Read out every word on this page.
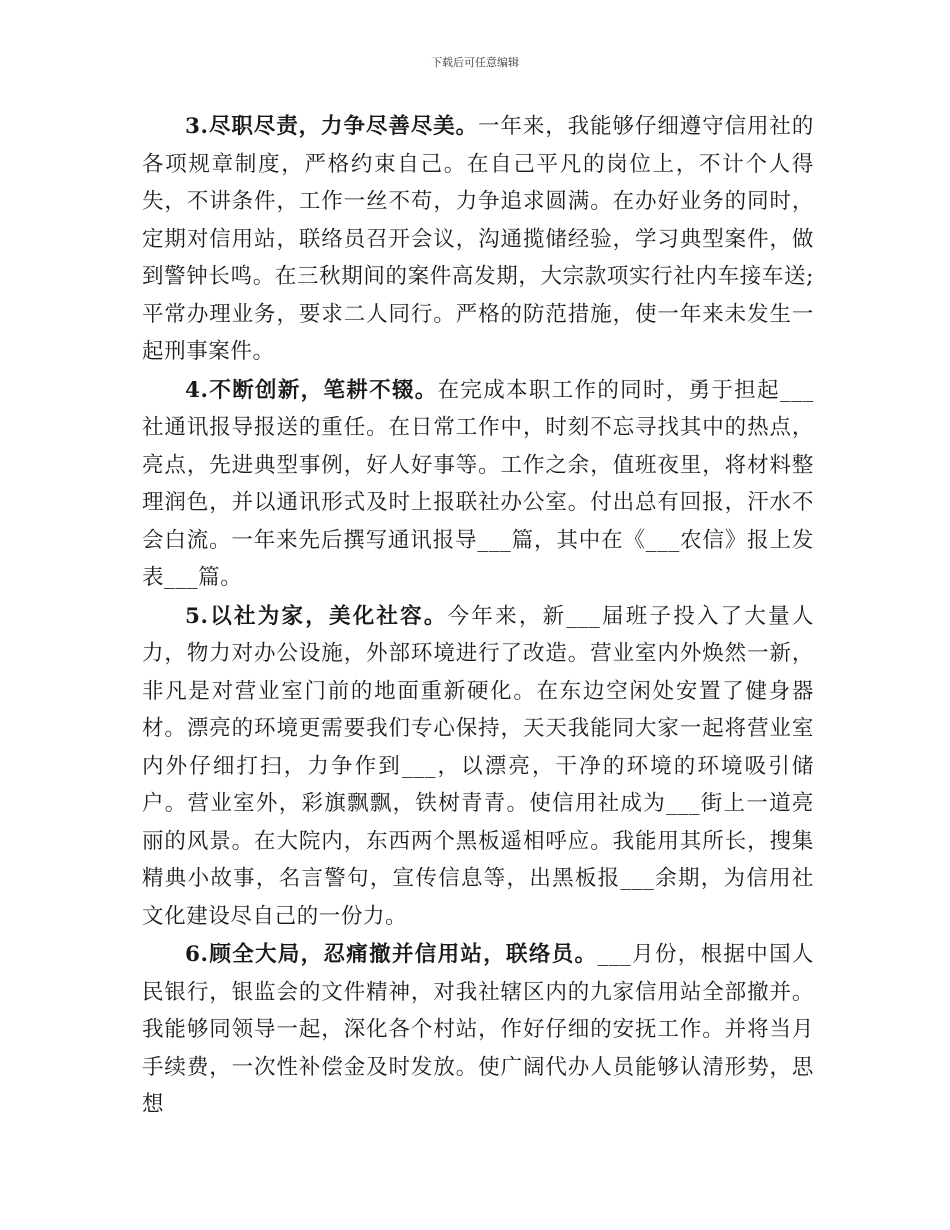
下载后可任意编辑

3.尽职尽责，力争尽善尽美。一年来，我能够仔细遵守信用社的各项规章制度，严格约束自己。在自己平凡的岗位上，不计个人得失，不讲条件，工作一丝不苟，力争追求圆满。在办好业务的同时，定期对信用站，联络员召开会议，沟通揽储经验，学习典型案件，做到警钟长鸣。在三秋期间的案件高发期，大宗款项实行社内车接车送;平常办理业务，要求二人同行。严格的防范措施，使一年来未发生一起刑事案件。

4.不断创新，笔耕不辍。在完成本职工作的同时，勇于担起___社通讯报导报送的重任。在日常工作中，时刻不忘寻找其中的热点，亮点，先进典型事例，好人好事等。工作之余，值班夜里，将材料整理润色，并以通讯形式及时上报联社办公室。付出总有回报，汗水不会白流。一年来先后撰写通讯报导___篇，其中在《___农信》报上发表___篇。

5.以社为家，美化社容。今年来，新___届班子投入了大量人力，物力对办公设施，外部环境进行了改造。营业室内外焕然一新，非凡是对营业室门前的地面重新硬化。在东边空闲处安置了健身器材。漂亮的环境更需要我们专心保持，天天我能同大家一起将营业室内外仔细打扫，力争作到___，以漂亮，干净的环境的环境吸引储户。营业室外，彩旗飘飘，铁树青青。使信用社成为___街上一道亮丽的风景。在大院内，东西两个黑板遥相呼应。我能用其所长，搜集精典小故事，名言警句，宣传信息等，出黑板报___余期，为信用社文化建设尽自己的一份力。

6.顾全大局，忍痛撤并信用站，联络员。___月份，根据中国人民银行，银监会的文件精神，对我社辖区内的九家信用站全部撤并。我能够同领导一起，深化各个村站，作好仔细的安抚工作。并将当月手续费，一次性补偿金及时发放。使广阔代办人员能够认清形势，思想
